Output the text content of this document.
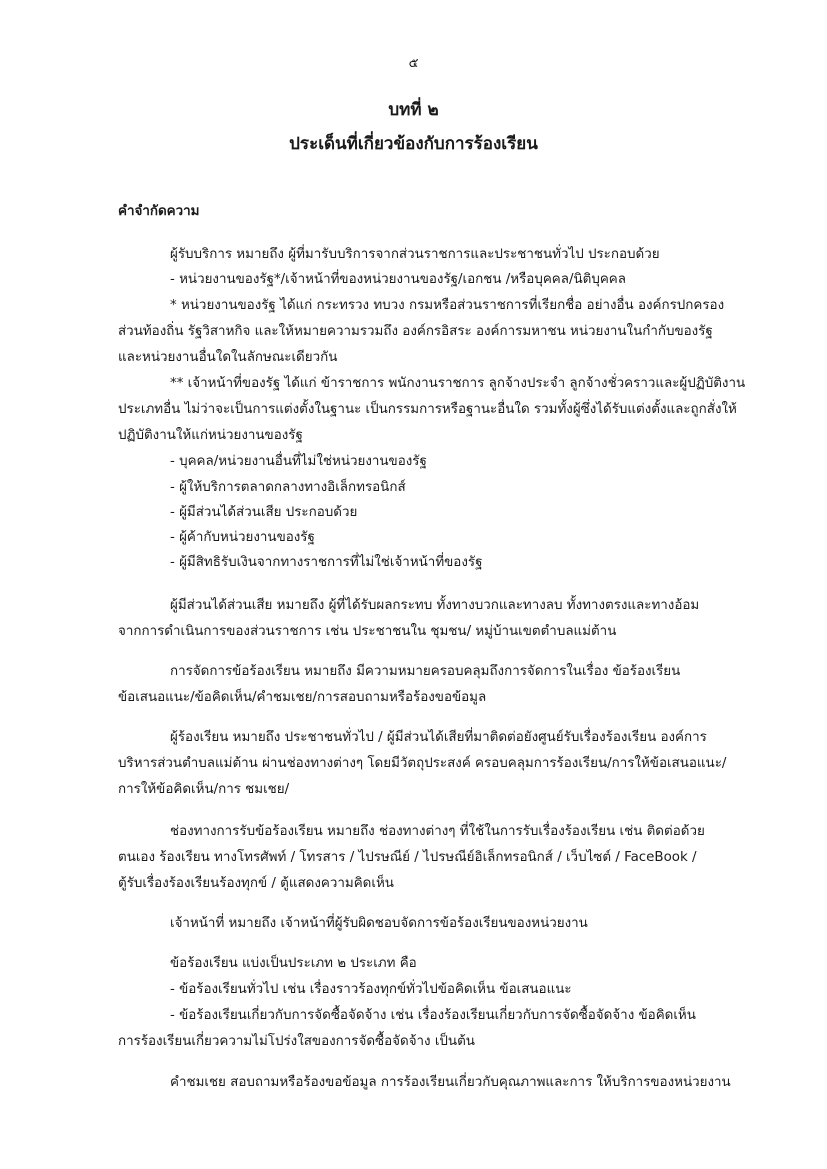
๕
บทที่ ๒
ประเด็นที่เกี่ยวข้องกับการร้องเรียน
คำจำกัดความ
ผู้รับบริการ หมายถึง ผู้ที่มารับบริการจากส่วนราชการและประชาชนทั่วไป ประกอบด้วย
- หน่วยงานของรัฐ*/เจ้าหน้าที่ของหน่วยงานของรัฐ/เอกชน /หรือบุคคล/นิติบุคคล
* หน่วยงานของรัฐ ได้แก่ กระทรวง ทบวง กรมหรือส่วนราชการที่เรียกชื่อ อย่างอื่น องค์กรปกครอง
ส่วนท้องถิ่น รัฐวิสาหกิจ และให้หมายความรวมถึง องค์กรอิสระ องค์การมหาชน หน่วยงานในกำกับของรัฐ
และหน่วยงานอื่นใดในลักษณะเดียวกัน
** เจ้าหน้าที่ของรัฐ ได้แก่ ข้าราชการ พนักงานราชการ ลูกจ้างประจำ ลูกจ้างชั่วคราวและผู้ปฏิบัติงาน
ประเภทอื่น ไม่ว่าจะเป็นการแต่งตั้งในฐานะ เป็นกรรมการหรือฐานะอื่นใด รวมทั้งผู้ซึ่งได้รับแต่งตั้งและถูกสั่งให้
ปฏิบัติงานให้แก่หน่วยงานของรัฐ
- บุคคล/หน่วยงานอื่นที่ไม่ใช่หน่วยงานของรัฐ
- ผู้ให้บริการตลาดกลางทางอิเล็กทรอนิกส์
- ผู้มีส่วนได้ส่วนเสีย ประกอบด้วย
- ผู้ค้ากับหน่วยงานของรัฐ
- ผู้มีสิทธิรับเงินจากทางราชการที่ไม่ใช่เจ้าหน้าที่ของรัฐ
ผู้มีส่วนได้ส่วนเสีย หมายถึง ผู้ที่ได้รับผลกระทบ ทั้งทางบวกและทางลบ ทั้งทางตรงและทางอ้อม
จากการดำเนินการของส่วนราชการ เช่น ประชาชนใน ชุมชน/ หมู่บ้านเขตตำบลแม่ต้าน
การจัดการข้อร้องเรียน หมายถึง มีความหมายครอบคลุมถึงการจัดการในเรื่อง ข้อร้องเรียน
ข้อเสนอแนะ/ข้อคิดเห็น/คำชมเชย/การสอบถามหรือร้องขอข้อมูล
ผู้ร้องเรียน หมายถึง ประชาชนทั่วไป / ผู้มีส่วนได้เสียที่มาติดต่อยังศูนย์รับเรื่องร้องเรียน องค์การ
บริหารส่วนตำบลแม่ต้าน ผ่านช่องทางต่างๆ โดยมีวัตถุประสงค์ ครอบคลุมการร้องเรียน/การให้ข้อเสนอแนะ/
การให้ข้อคิดเห็น/การ ชมเชย/
ช่องทางการรับข้อร้องเรียน หมายถึง ช่องทางต่างๆ ที่ใช้ในการรับเรื่องร้องเรียน เช่น ติดต่อด้วย
ตนเอง ร้องเรียน ทางโทรศัพท์ / โทรสาร / ไปรษณีย์ / ไปรษณีย์อิเล็กทรอนิกส์ / เว็บไซต์ / FaceBook /
ตู้รับเรื่องร้องเรียนร้องทุกข์ / ตู้แสดงความคิดเห็น
เจ้าหน้าที่ หมายถึง เจ้าหน้าที่ผู้รับผิดชอบจัดการข้อร้องเรียนของหน่วยงาน
ข้อร้องเรียน แบ่งเป็นประเภท ๒ ประเภท คือ
- ข้อร้องเรียนทั่วไป เช่น เรื่องราวร้องทุกข์ทั่วไปข้อคิดเห็น ข้อเสนอแนะ
- ข้อร้องเรียนเกี่ยวกับการจัดซื้อจัดจ้าง เช่น เรื่องร้องเรียนเกี่ยวกับการจัดซื้อจัดจ้าง ข้อคิดเห็น
การร้องเรียนเกี่ยวความไม่โปร่งใสของการจัดซื้อจัดจ้าง เป็นต้น
คำชมเชย สอบถามหรือร้องขอข้อมูล การร้องเรียนเกี่ยวกับคุณภาพและการ ให้บริการของหน่วยงาน
